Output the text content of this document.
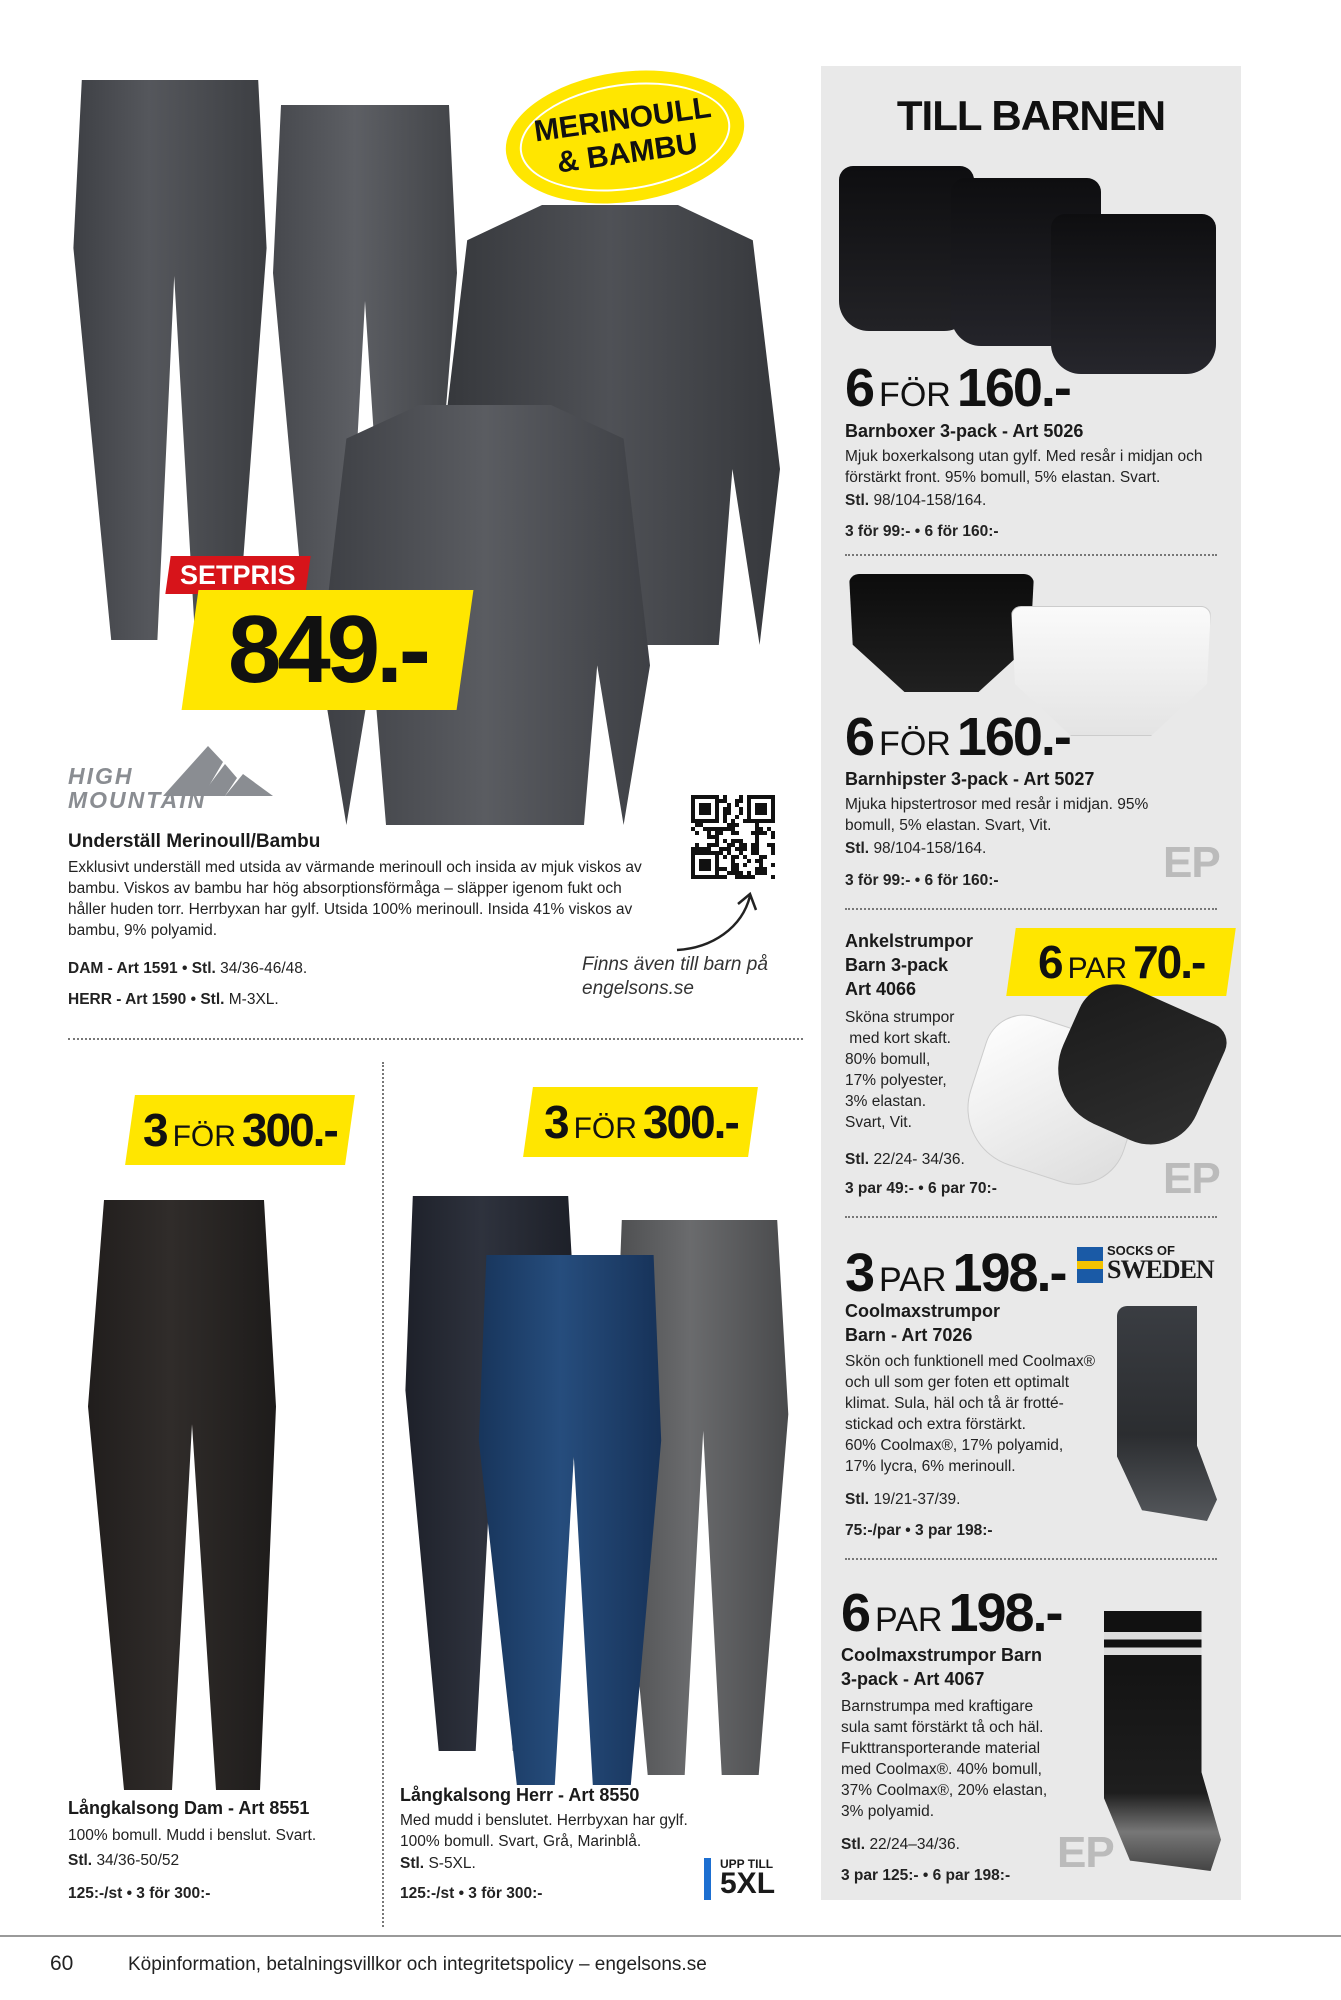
MERINOULL & BAMBU
SETPRIS
849.-
HIGH MOUNTAIN
Underställ Merinoull/Bambu
Exklusivt underställ med utsida av värmande merinoull och insida av mjuk viskos av bambu. Viskos av bambu har hög absorptionsförmåga – släpper igenom fukt och håller huden torr. Herrbyxan har gylf. Utsida 100% merinoull. Insida 41% viskos av bambu, 9% polyamid.
DAM - Art 1591 • Stl. 34/36-46/48.
HERR - Art 1590 • Stl. M-3XL.
Finns även till barn på engelsons.se
3 FÖR 300.-
Långkalsong Dam - Art 8551
100% bomull. Mudd i benslut. Svart.
Stl. 34/36-50/52
125:-/st • 3 för 300:-
3 FÖR 300.-
Långkalsong Herr - Art 8550
Med mudd i benslutet. Herrbyxan har gylf. 100% bomull. Svart, Grå, Marinblå.
Stl. S-5XL.
125:-/st • 3 för 300:-
UPP TILL
5XL
TILL BARNEN
6 FÖR 160.-
Barnboxer 3-pack - Art 5026
Mjuk boxerkalsong utan gylf. Med resår i midjan och förstärkt front. 95% bomull, 5% elastan. Svart.
Stl. 98/104-158/164.
3 för 99:- • 6 för 160:-
6 FÖR 160.-
Barnhipster 3-pack - Art 5027
Mjuka hipstertrosor med resår i midjan. 95% bomull, 5% elastan. Svart, Vit.
Stl. 98/104-158/164.
3 för 99:- • 6 för 160:-	EP
Ankelstrumpor
Barn 3-pack
Art 4066
6 PAR 70.-
Sköna strumpor
med kort skaft.
80% bomull,
17% polyester,
3% elastan.
Svart, Vit.
Stl. 22/24- 34/36.
3 par 49:- • 6 par 70:-	EP
3 PAR 198.-	SOCKS OF
SWEDEN
Coolmaxstrumpor
Barn - Art 7026
Skön och funktionell med Coolmax®
och ull som ger foten ett optimalt
klimat. Sula, häl och tå är frotté-
stickad och extra förstärkt.
60% Coolmax®, 17% polyamid,
17% lycra, 6% merinoull.
Stl. 19/21-37/39.
75:-/par • 3 par 198:-
6 PAR 198.-
Coolmaxstrumpor Barn
3-pack - Art 4067
Barnstrumpa med kraftigare
sula samt förstärkt tå och häl.
Fukttransporterande material
med Coolmax®. 40% bomull,
37% Coolmax®, 20% elastan,
3% polyamid.
Stl. 22/24–34/36.
3 par 125:- • 6 par 198:- EP
60	Köpinformation, betalningsvillkor och integritetspolicy – engelsons.se
